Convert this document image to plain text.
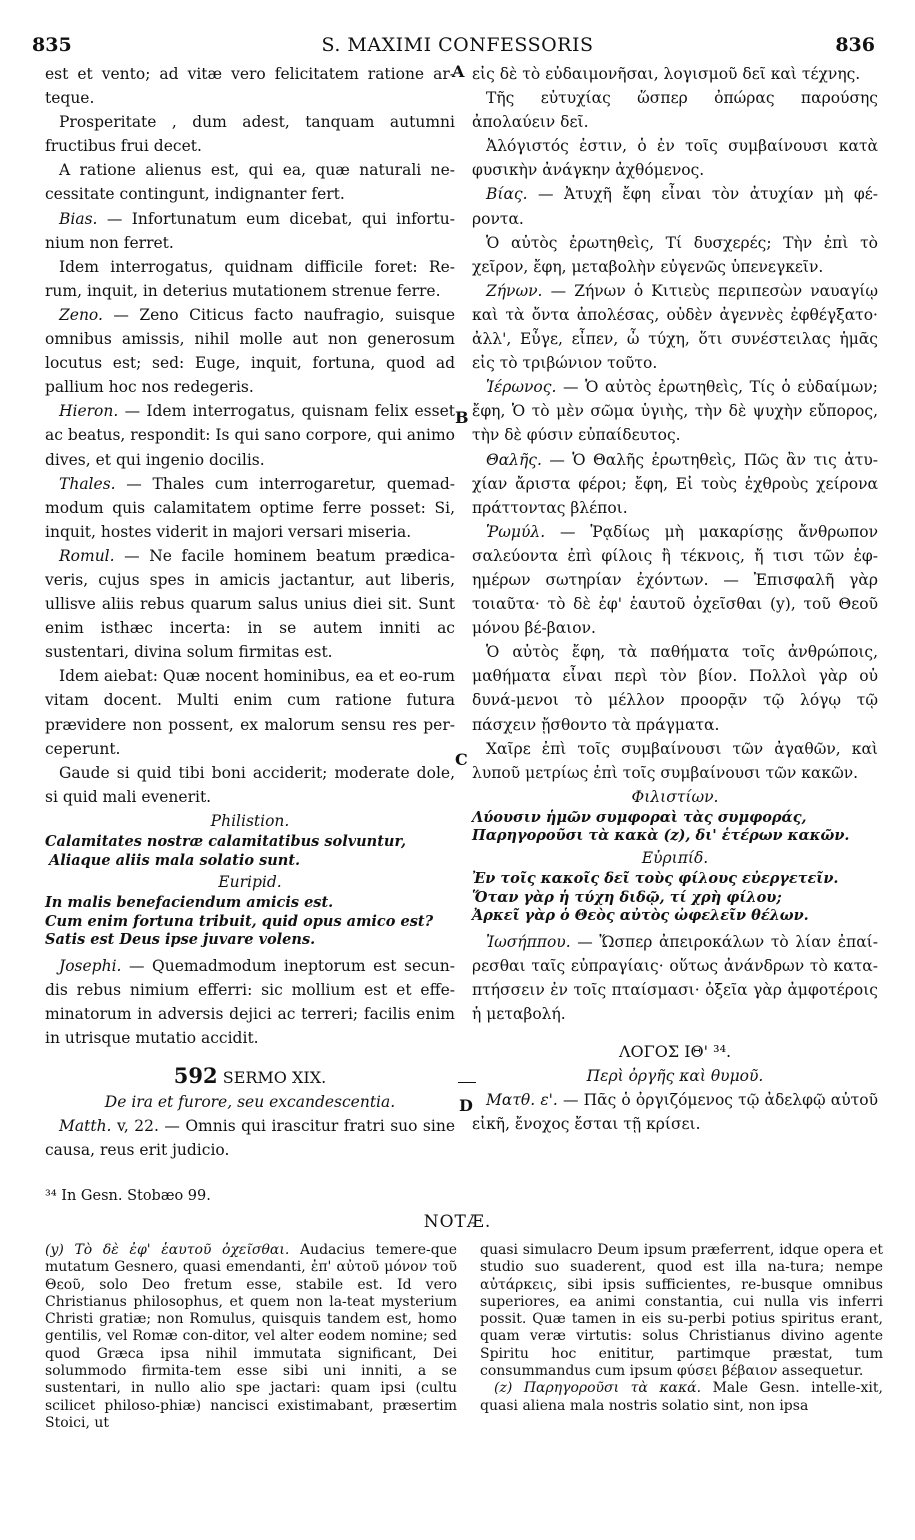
835	S. MAXIMI CONFESSORIS	836
A
B
C
D

est et vento; ad vitæ vero felicitatem ratione ar-teque.

Prosperitate , dum adest, tanquam autumni fructibus frui decet.

A ratione alienus est, qui ea, quæ naturali ne-cessitate contingunt, indignanter fert.

Bias. — Infortunatum eum dicebat, qui infortu-nium non ferret.

Idem interrogatus, quidnam difficile foret: Re-rum, inquit, in deterius mutationem strenue ferre.

Zeno. — Zeno Citicus facto naufragio, suisque omnibus amissis, nihil molle aut non generosum locutus est; sed: Euge, inquit, fortuna, quod ad pallium hoc nos redegeris.

Hieron. — Idem interrogatus, quisnam felix esset ac beatus, respondit: Is qui sano corpore, qui animo dives, et qui ingenio docilis.

Thales. — Thales cum interrogaretur, quemad-modum quis calamitatem optime ferre posset: Si, inquit, hostes viderit in majori versari miseria.

Romul. — Ne facile hominem beatum prædica-veris, cujus spes in amicis jactantur, aut liberis, ullisve aliis rebus quarum salus unius diei sit. Sunt enim isthæc incerta: in se autem inniti ac sustentari, divina solum firmitas est.

Idem aiebat: Quæ nocent hominibus, ea et eo-rum vitam docent. Multi enim cum ratione futura prævidere non possent, ex malorum sensu res per-ceperunt.

Gaude si quid tibi boni acciderit; moderate dole, si quid mali evenerit.

Philistion.

Calamitates nostræ calamitatibus solvuntur,
Aliaque aliis mala solatio sunt.

Euripid.

In malis benefaciendum amicis est.
Cum enim fortuna tribuit, quid opus amico est?
Satis est Deus ipse juvare volens.

Josephi. — Quemadmodum ineptorum est secun-dis rebus nimium efferri: sic mollium est et effe-minatorum in adversis dejici ac terreri; facilis enim in utrisque mutatio accidit.

592 SERMO XIX.

De ira et furore, seu excandescentia.

Matth. v, 22. — Omnis qui irascitur fratri suo sine causa, reus erit judicio.

εἰς δὲ τὸ εὐδαιμονῆσαι, λογισμοῦ δεῖ καὶ τέχνης.

Τῆς εὐτυχίας ὥσπερ ὀπώρας παρούσης ἀπολαύειν δεῖ.

Ἀλόγιστός ἐστιν, ὁ ἐν τοῖς συμβαίνουσι κατὰ φυσικὴν ἀνάγκην ἀχθόμενος.

Βίας. — Ἀτυχῆ ἔφη εἶναι τὸν ἀτυχίαν μὴ φέ-ροντα.

Ὁ αὐτὸς ἐρωτηθεὶς, Τί δυσχερές; Τὴν ἐπὶ τὸ χεῖρον, ἔφη, μεταβολὴν εὐγενῶς ὑπενεγκεῖν.

Ζήνων. — Ζήνων ὁ Κιτιεὺς περιπεσὼν ναυαγίῳ καὶ τὰ ὄντα ἀπολέσας, οὐδὲν ἀγεννὲς ἐφθέγξατο· ἀλλ', Εὖγε, εἶπεν, ὦ τύχη, ὅτι συνέστειλας ἡμᾶς εἰς τὸ τριβώνιον τοῦτο.

Ἱέρωνος. — Ὁ αὐτὸς ἐρωτηθεὶς, Τίς ὁ εὐδαίμων; ἔφη, Ὁ τὸ μὲν σῶμα ὑγιὴς, τὴν δὲ ψυχὴν εὔπορος, τὴν δὲ φύσιν εὐπαίδευτος.

Θαλῆς. — Ὁ Θαλῆς ἐρωτηθεὶς, Πῶς ἂν τις ἀτυ-χίαν ἄριστα φέροι; ἔφη, Εἰ τοὺς ἐχθροὺς χείρονα πράττοντας βλέποι.

Ῥωμύλ. — Ῥᾳδίως μὴ μακαρίσῃς ἄνθρωπον σαλεύοντα ἐπὶ φίλοις ἢ τέκνοις, ἤ τισι τῶν ἐφ-ημέρων σωτηρίαν ἐχόντων. — Ἐπισφαλῆ γὰρ τοιαῦτα· τὸ δὲ ἐφ' ἑαυτοῦ ὀχεῖσθαι (y), τοῦ Θεοῦ μόνου βέ-βαιον.

Ὁ αὐτὸς ἔφη, τὰ παθήματα τοῖς ἀνθρώποις, μαθήματα εἶναι περὶ τὸν βίον. Πολλοὶ γὰρ οὐ δυνά-μενοι τὸ μέλλον προορᾷν τῷ λόγῳ τῷ πάσχειν ᾔσθοντο τὰ πράγματα.

Χαῖρε ἐπὶ τοῖς συμβαίνουσι τῶν ἀγαθῶν, καὶ λυποῦ μετρίως ἐπὶ τοῖς συμβαίνουσι τῶν κακῶν.

Φιλιστίων.

Λύουσιν ἡμῶν συμφοραὶ τὰς συμφοράς,
Παρηγοροῦσι τὰ κακὰ (z), δι' ἑτέρων κακῶν.

Εὐριπίδ.

Ἐν τοῖς κακοῖς δεῖ τοὺς φίλους εὐεργετεῖν.
Ὅταν γὰρ ἡ τύχη διδῷ, τί χρὴ φίλου;
Ἀρκεῖ γὰρ ὁ Θεὸς αὐτὸς ὠφελεῖν θέλων.

Ἰωσήππου. — Ὥσπερ ἀπειροκάλων τὸ λίαν ἐπαί-ρεσθαι ταῖς εὐπραγίαις· οὕτως ἀνάνδρων τὸ κατα-πτήσσειν ἐν τοῖς πταίσμασι· ὀξεῖα γὰρ ἀμφοτέροις ἡ μεταβολή.

ΛΟΓΟΣ ΙΘ' ³⁴.

Περὶ ὀργῆς καὶ θυμοῦ.

Ματθ. ε'. — Πᾶς ὁ ὀργιζόμενος τῷ ἀδελφῷ αὐτοῦ εἰκῆ, ἔνοχος ἔσται τῇ κρίσει.

³⁴ In Gesn. Stobæo 99.
NOTÆ.

(y) Τὸ δὲ ἐφ' ἑαυτοῦ ὀχεῖσθαι. Audacius temere-que mutatum Gesnero, quasi emendanti, ἐπ' αὐτοῦ μόνον τοῦ Θεοῦ, solo Deo fretum esse, stabile est. Id vero Christianus philosophus, et quem non la-teat mysterium Christi gratiæ; non Romulus, quisquis tandem est, homo gentilis, vel Romæ con-ditor, vel alter eodem nomine; sed quod Græca ipsa nihil immutata significant, Dei solummodo firmita-tem esse sibi uni inniti, a se sustentari, in nullo alio spe jactari: quam ipsi (cultu scilicet philoso-phiæ) nancisci existimabant, præsertim Stoici, ut

quasi simulacro Deum ipsum præferrent, idque opera et studio suo suaderent, quod est illa na-tura; nempe αὐτάρκεις, sibi ipsis sufficientes, re-busque omnibus superiores, ea animi constantia, cui nulla vis inferri possit. Quæ tamen in eis su-perbi potius spiritus erant, quam veræ virtutis: solus Christianus divino agente Spiritu hoc enititur, partimque præstat, tum consummandus cum ipsum φύσει βέβαιον assequetur.

(z) Παρηγοροῦσι τὰ κακά. Male Gesn. intelle-xit, quasi aliena mala nostris solatio sint, non ipsa
